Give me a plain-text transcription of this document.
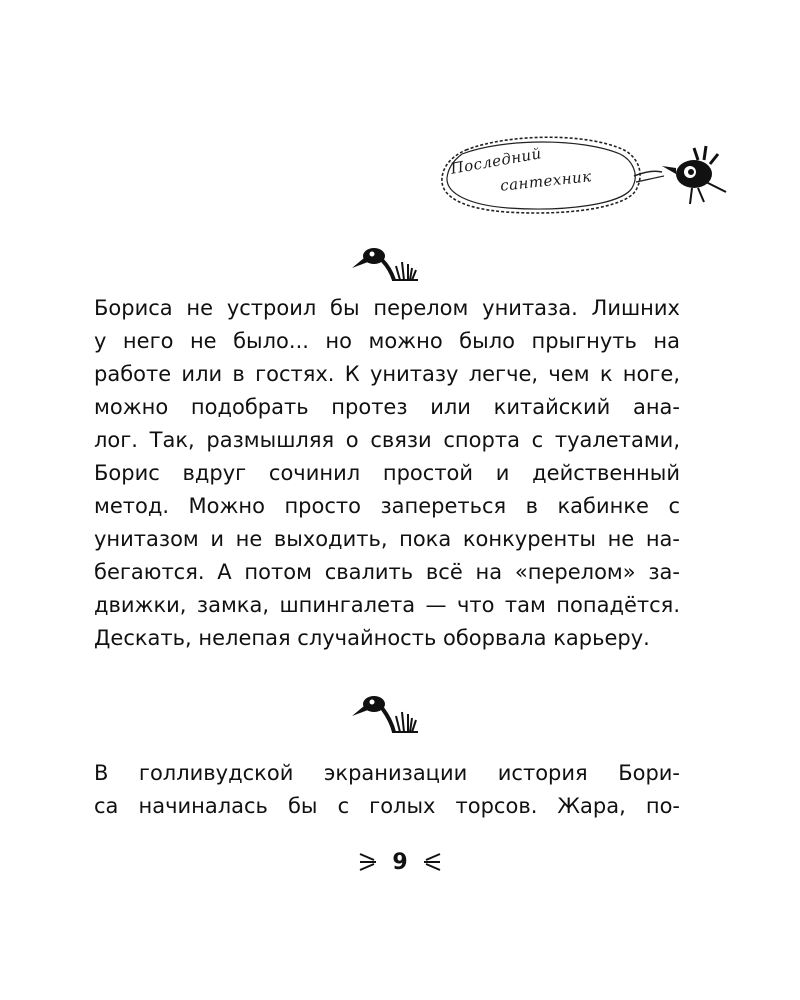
Последний
сантехник
Бориса не устроил бы перелом унитаза. Лишних
у него не было... но можно было прыгнуть на
работе или в гостях. К унитазу легче, чем к ноге,
можно подобрать протез или китайский ана-
лог. Так, размышляя о связи спорта с туалетами,
Борис вдруг сочинил простой и действенный
метод. Можно просто запереться в кабинке с
унитазом и не выходить, пока конкуренты не на-
бегаются. А потом свалить всё на «перелом» за-
движки, замка, шпингалета — что там попадётся.
Дескать, нелепая случайность оборвала карьеру.
В голливудской экранизации история Бори-
са начиналась бы с голых торсов. Жара, по-
9
